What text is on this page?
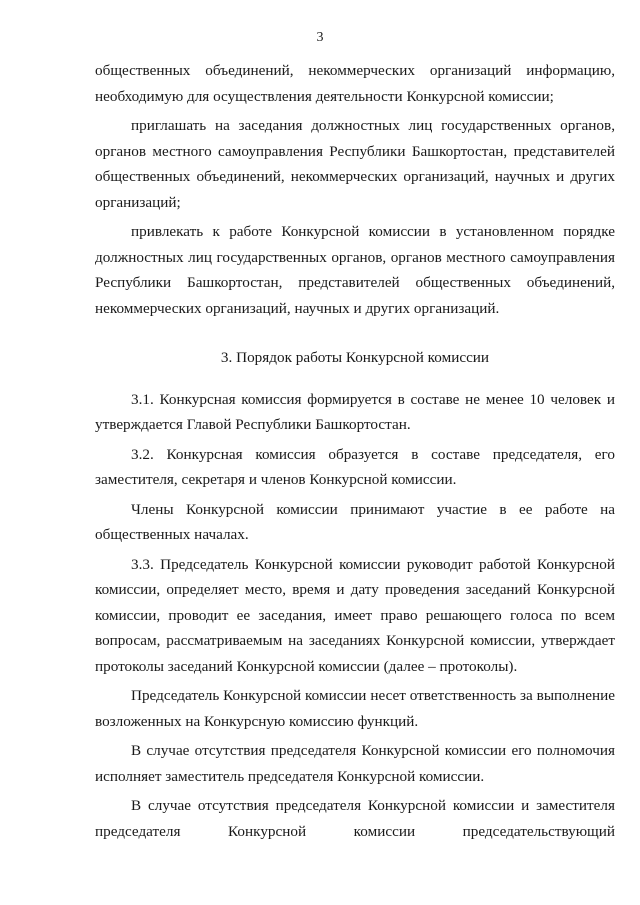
3

общественных объединений, некоммерческих организаций информацию, необходимую для осуществления деятельности Конкурсной комиссии;

приглашать на заседания должностных лиц государственных органов, органов местного самоуправления Республики Башкортостан, представителей общественных объединений, некоммерческих организаций, научных и других организаций;

привлекать к работе Конкурсной комиссии в установленном порядке должностных лиц государственных органов, органов местного самоуправления Республики Башкортостан, представителей общественных объединений, некоммерческих организаций, научных и других организаций.

3. Порядок работы Конкурсной комиссии

3.1. Конкурсная комиссия формируется в составе не менее 10 человек и утверждается Главой Республики Башкортостан.

3.2. Конкурсная комиссия образуется в составе председателя, его заместителя, секретаря и членов Конкурсной комиссии.

Члены Конкурсной комиссии принимают участие в ее работе на общественных началах.

3.3. Председатель Конкурсной комиссии руководит работой Конкурсной комиссии, определяет место, время и дату проведения заседаний Конкурсной комиссии, проводит ее заседания, имеет право решающего голоса по всем вопросам, рассматриваемым на заседаниях Конкурсной комиссии, утверждает протоколы заседаний Конкурсной комиссии (далее – протоколы).

Председатель Конкурсной комиссии несет ответственность за выполнение возложенных на Конкурсную комиссию функций.

В случае отсутствия председателя Конкурсной комиссии его полномочия исполняет заместитель председателя Конкурсной комиссии.

В случае отсутствия председателя Конкурсной комиссии и заместителя председателя Конкурсной комиссии председательствующий
